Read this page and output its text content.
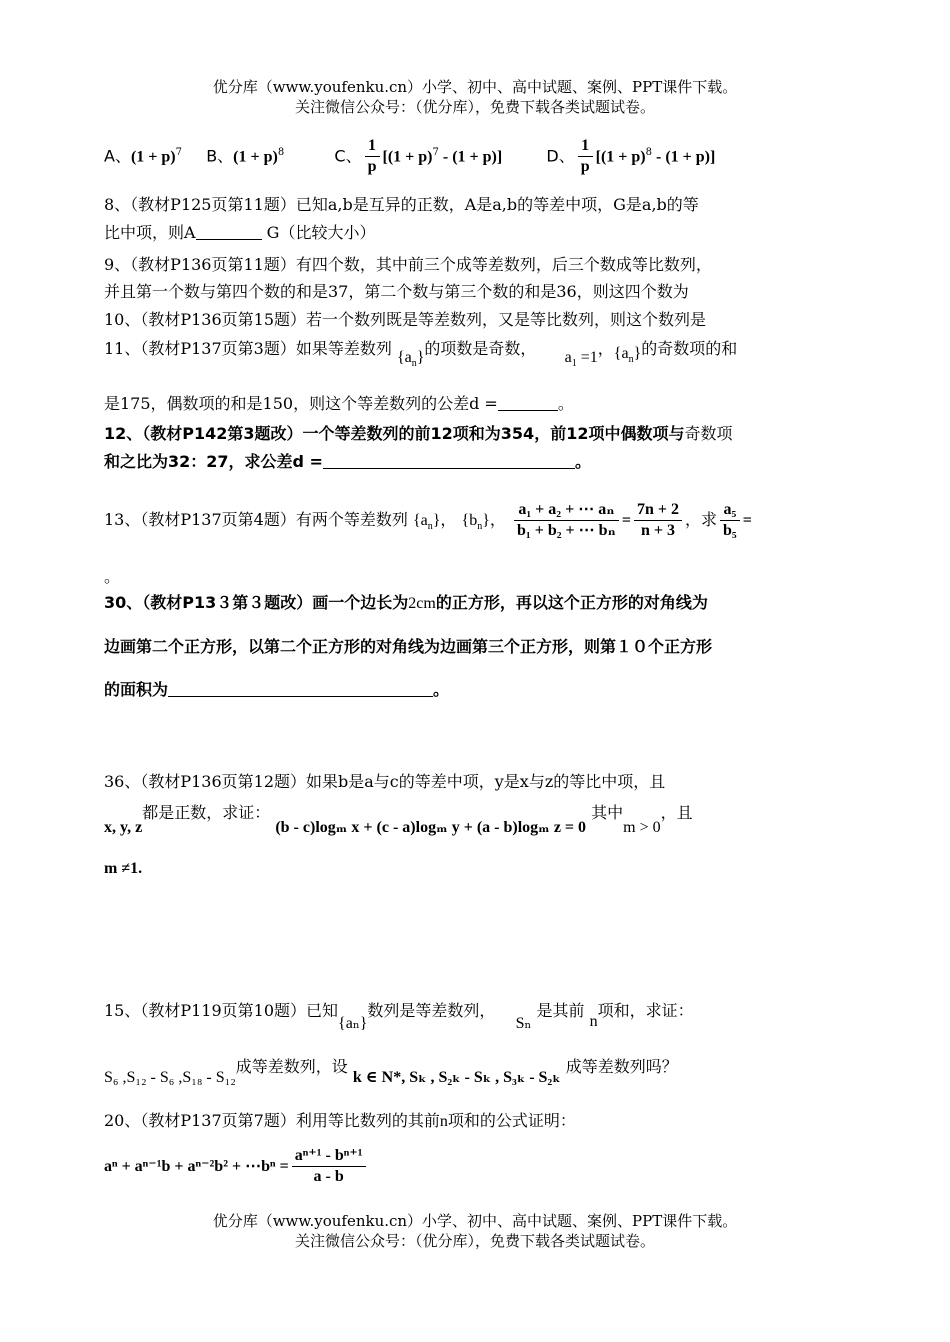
优分库（www.youfenku.cn）小学、初中、高中试题、案例、PPT课件下载。
关注微信公众号：（优分库），免费下载各类试题试卷。
A、$(1 + p)^7$ B、$(1 + p)^8$	C、 $\frac{1}{p} [(1 + p)^7 - (1 + p)]$	D、 $\frac{1}{p} [(1 + p)^8 - (1 + p)]$
8、（教材P125页第11题）已知a,b是互异的正数，A是a,b的等差中项，G是a,b的等
比中项，则A	G（比较大小）
9、（教材P136页第11题）有四个数，其中前三个成等差数列，后三个数成等比数列，
并且第一个数与第四个数的和是37，第二个数与第三个数的和是36，则这四个数为
10、（教材P136页第15题）若一个数列既是等差数列，又是等比数列，则这个数列是
11、（教材P137页第3题）如果等差数列 $\{a_n\}$的项数是奇数， $a_1 =1$，$\{a_n\}$的奇数项的和
是175，偶数项的和是150，则这个等差数列的公差d =	。
12、（教材P142第3题改）一个等差数列的前12项和为354，前12项中偶数项与奇数项
和之比为32：27，求公差d =	。
13、（教材P137页第4题）有两个等差数列 $\{a_n\}$， $\{b_n\}$， $\frac{\text{a₁ + a₂ + ⋯ aₙ}}{\text{b₁ + b₂ + ⋯ bₙ}} = \frac{7n + 2}{n + 3}$ ，求 $\frac{\text{a₅}}{\text{b₅}}$ =
。
30、（教材P13３第３题改）画一个边长为2cm的正方形，再以这个正方形的对角线为
边画第二个正方形，以第二个正方形的对角线为边画第三个正方形，则第１０个正方形
的面积为	。
36、（教材P136页第12题）如果b是a与c的等差中项，y是x与z的等比中项，且
x, y, z都是正数，求证： (b - c)logₘ x + (c - a)logₘ y + (a - b)logₘ z = 0 其中m > 0，且
m ≠1.
15、（教材P119页第10题）已知{aₙ}数列是等差数列，  Sₙ 是其前 n项和，求证：
S₆ ,S₁₂ - S₆ ,S₁₈ - S₁₂成等差数列，设 k ∈ N*, Sₖ , S₂ₖ - Sₖ , S₃ₖ - S₂ₖ 成等差数列吗？
20、（教材P137页第7题）利用等比数列的其前n项和的公式证明：
aⁿ + aⁿ⁻¹b + aⁿ⁻²b² + ⋯bⁿ = $\frac{\text{aⁿ⁺¹ - bⁿ⁺¹}}{a - b}$
优分库（www.youfenku.cn）小学、初中、高中试题、案例、PPT课件下载。
关注微信公众号：（优分库），免费下载各类试题试卷。
